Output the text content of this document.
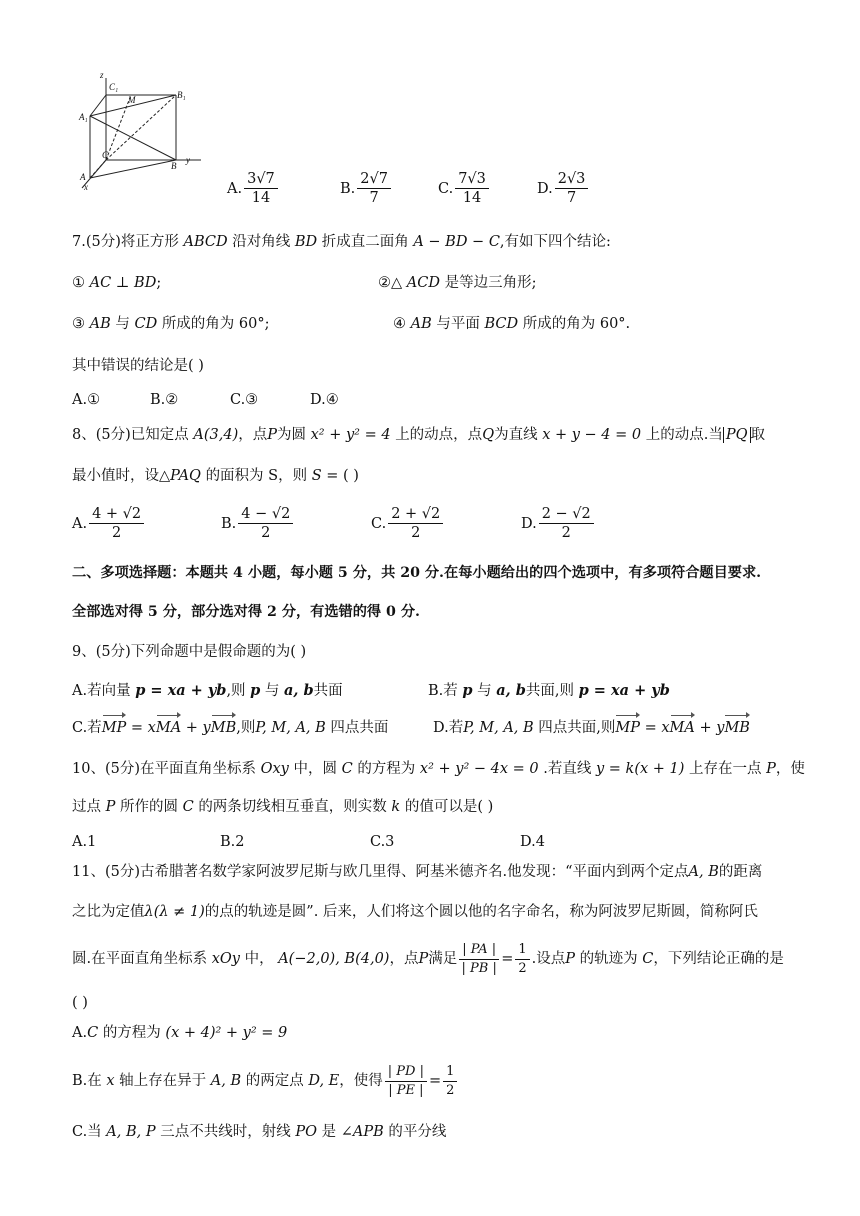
z
C₁
M	B₁
A₁
C
B
y
A
x	A. $\frac{3√7}{14}$	B. $\frac{2√7}{7}$	C. $\frac{7√3}{14}$	D. $\frac{2√3}{7}$
7.(5分)将正方形 ABCD 沿对角线 BD 折成直二面角 A − BD − C,有如下四个结论:
① AC ⊥ BD;	②△ ACD 是等边三角形;
③ AB 与 CD 所成的角为 60°;	④ AB 与平面 BCD 所成的角为 60°.
其中错误的结论是( )
A.①	B.②	C.③	D.④
8、(5分)已知定点 A(3,4)，点P为圆 x² + y² = 4 上的动点，点Q为直线 x + y − 4 = 0 上的动点.当 PQ 取
最小值时，设△PAQ 的面积为 S，则 S = ( )
A. $\frac{4 + √2}{2}$	B. $\frac{4 - √2}{2}$	C. $\frac{2 + √2}{2}$	D. $\frac{2 - √2}{2}$
二、多项选择题：本题共 4 小题，每小题 5 分，共 20 分.在每小题给出的四个选项中，有多项符合题目要求.
全部选对得 5 分，部分选对得 2 分，有选错的得 0 分.
9、(5分)下列命题中是假命题的为( )
A.若向量 p = xa + yb,则 p 与 a, b共面	B.若 p 与 a, b共面,则 p = xa + yb
C.若MP = xMA + yMB,则P, M, A, B 四点共面	D.若P, M, A, B 四点共面,则MP = xMA + yMB
10、(5分)在平面直角坐标系 Oxy 中，圆 C 的方程为 x² + y² − 4x = 0 .若直线 y = k(x + 1) 上存在一点 P，使
过点 P 所作的圆 C 的两条切线相互垂直，则实数 k 的值可以是( )
A.1	B.2	C.3	D.4
11、(5分)古希腊著名数学家阿波罗尼斯与欧几里得、阿基米德齐名.他发现：“平面内到两个定点A, B的距离
之比为定值λ(λ ≠ 1)的点的轨迹是圆”. 后来，人们将这个圆以他的名字命名，称为阿波罗尼斯圆，简称阿氏
圆.在平面直角坐标系 xOy 中， A(−2,0), B(4,0)，点P满足 $\frac{| PA |}{| PB |} = \frac{1}{2}$ .设点P 的轨迹为 C，下列结论正确的是
( )
A.C 的方程为 (x + 4)² + y² = 9
B.在 x 轴上存在异于 A, B 的两定点 D, E，使得 $\frac{| PD |}{| PE |} = \frac{1}{2}$
C.当 A, B, P 三点不共线时，射线 PO 是 ∠APB 的平分线
